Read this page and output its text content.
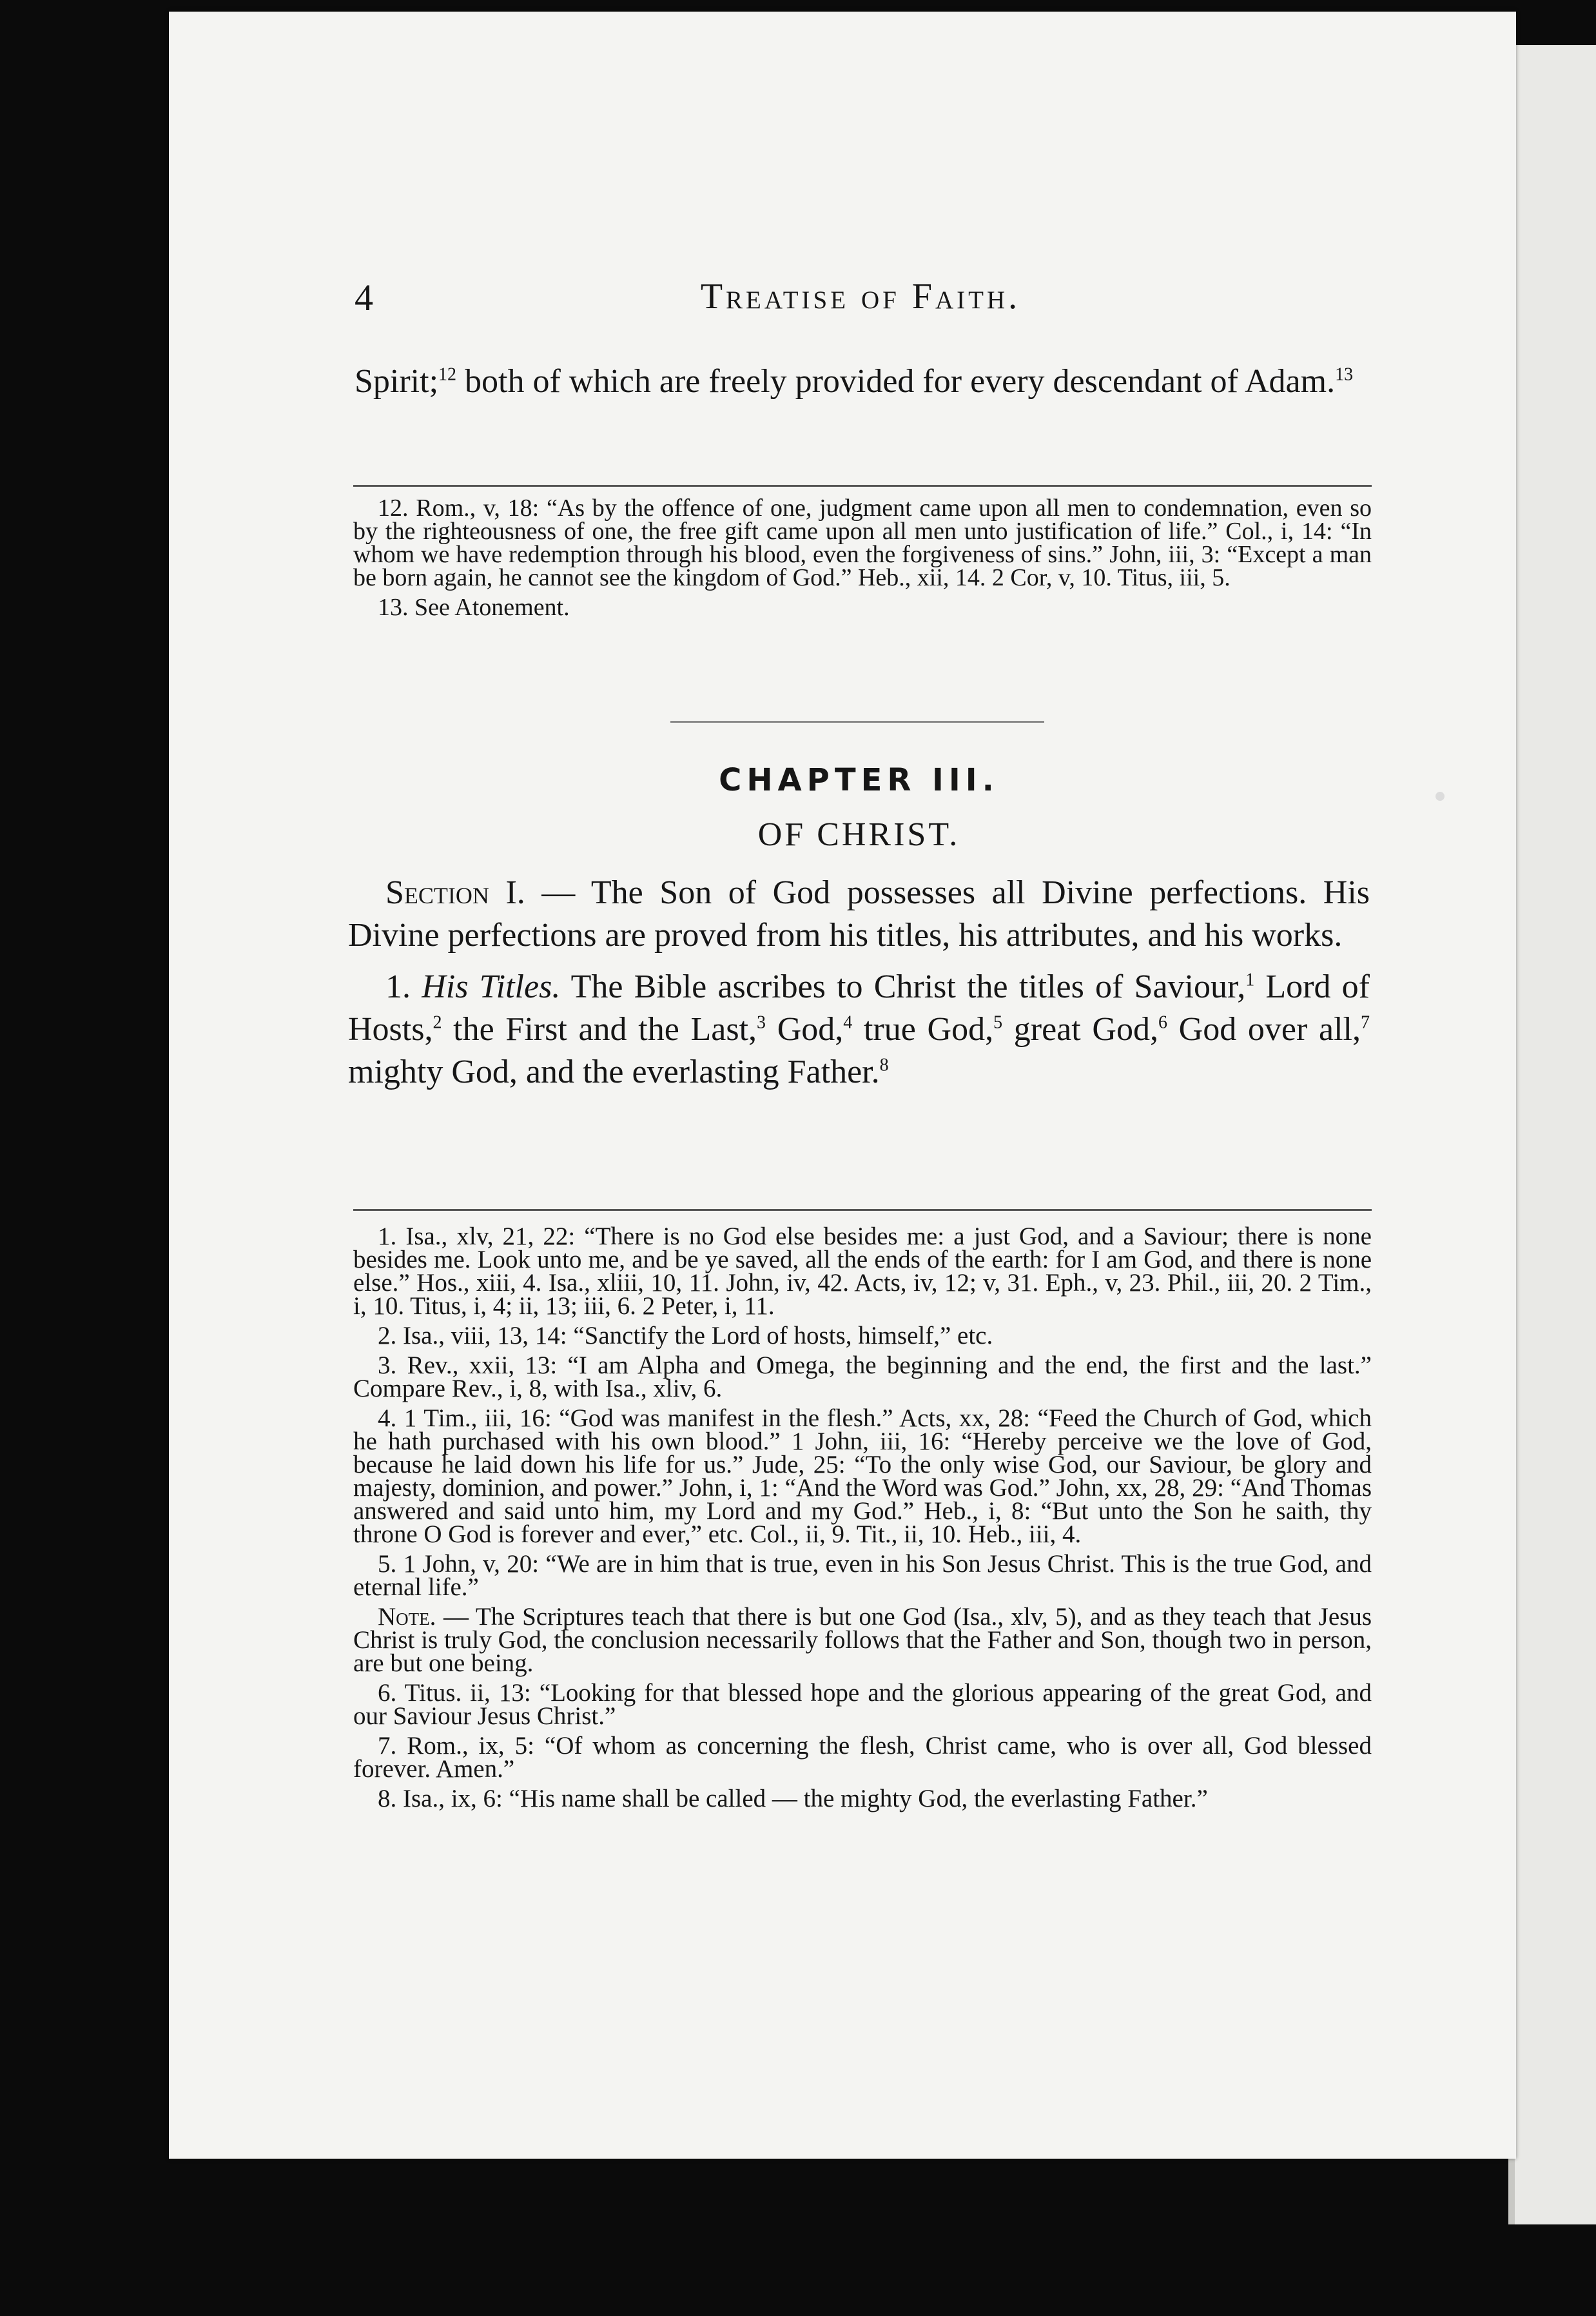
4	Treatise of Faith.

Spirit;$^{12}$ both of which are freely provided for every descendant of Adam.$^{13}$

12. Rom., v, 18: “As by the offence of one, judgment came upon all men to condemnation, even so by the righteousness of one, the free gift came upon all men unto justification of life.” Col., i, 14: “In whom we have redemption through his blood, even the forgiveness of sins.” John, iii, 3: “Except a man be born again, he cannot see the kingdom of God.” Heb., xii, 14. 2 Cor, v, 10. Titus, iii, 5.

13. See Atonement.

CHAPTER III.
OF CHRIST.

Section I. — The Son of God possesses all Divine perfections. His Divine perfections are proved from his titles, his attributes, and his works.

1. His Titles. The Bible ascribes to Christ the titles of Saviour,$^1$ Lord of Hosts,$^2$ the First and the Last,$^3$ God,$^4$ true God,$^5$ great God,$^6$ God over all,$^7$ mighty God, and the everlasting Father.$^8$

1. Isa., xlv, 21, 22: “There is no God else besides me: a just God, and a Saviour; there is none besides me. Look unto me, and be ye saved, all the ends of the earth: for I am God, and there is none else.” Hos., xiii, 4. Isa., xliii, 10, 11. John, iv, 42. Acts, iv, 12; v, 31. Eph., v, 23. Phil., iii, 20. 2 Tim., i, 10. Titus, i, 4; ii, 13; iii, 6. 2 Peter, i, 11.

2. Isa., viii, 13, 14: “Sanctify the Lord of hosts, himself,” etc.

3. Rev., xxii, 13: “I am Alpha and Omega, the beginning and the end, the first and the last.” Compare Rev., i, 8, with Isa., xliv, 6.

4. 1 Tim., iii, 16: “God was manifest in the flesh.” Acts, xx, 28: “Feed the Church of God, which he hath purchased with his own blood.” 1 John, iii, 16: “Hereby perceive we the love of God, because he laid down his life for us.” Jude, 25: “To the only wise God, our Saviour, be glory and majesty, dominion, and power.” John, i, 1: “And the Word was God.” John, xx, 28, 29: “And Thomas answered and said unto him, my Lord and my God.” Heb., i, 8: “But unto the Son he saith, thy throne O God is forever and ever,” etc. Col., ii, 9. Tit., ii, 10. Heb., iii, 4.

5. 1 John, v, 20: “We are in him that is true, even in his Son Jesus Christ. This is the true God, and eternal life.”

Note. — The Scriptures teach that there is but one God (Isa., xlv, 5), and as they teach that Jesus Christ is truly God, the conclusion necessarily follows that the Father and Son, though two in person, are but one being.

6. Titus. ii, 13: “Looking for that blessed hope and the glorious appearing of the great God, and our Saviour Jesus Christ.”

7. Rom., ix, 5: “Of whom as concerning the flesh, Christ came, who is over all, God blessed forever. Amen.”

8. Isa., ix, 6: “His name shall be called — the mighty God, the everlasting Father.”
